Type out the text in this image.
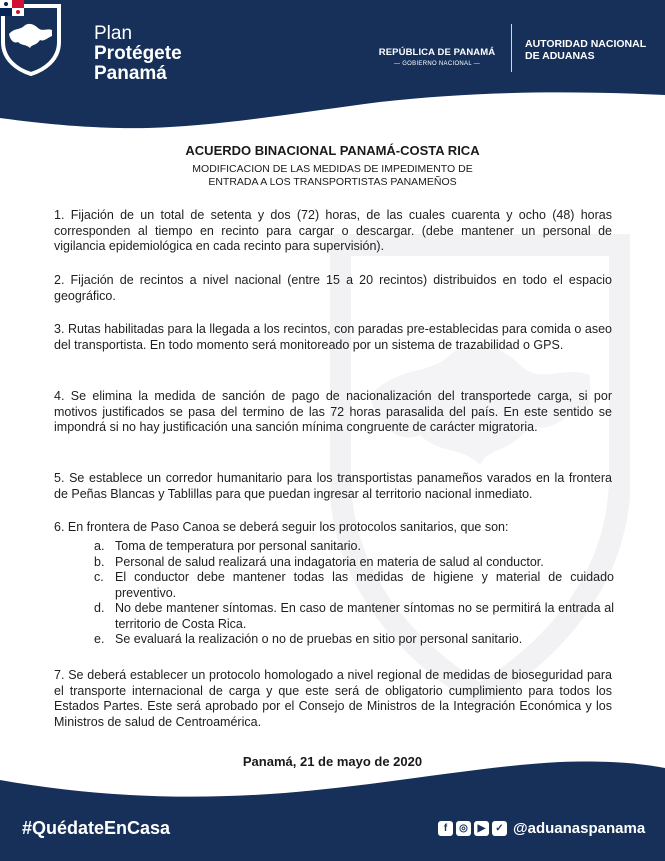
Plan
Protégete
Panamá
REPÚBLICA DE PANAMÁ
— GOBIERNO NACIONAL —
AUTORIDAD NACIONAL
DE ADUANAS
ACUERDO BINACIONAL PANAMÁ-COSTA RICA
MODIFICACION DE LAS MEDIDAS DE IMPEDIMENTO DE
ENTRADA A LOS TRANSPORTISTAS PANAMEÑOS
1. Fijación de un total de setenta y dos (72) horas, de las cuales cuarenta y ocho (48) horas corresponden al tiempo en recinto para cargar o descargar. (debe mantener un personal de vigilancia epidemiológica en cada recinto para supervisión).
2. Fijación de recintos a nivel nacional (entre 15 a 20 recintos) distribuidos en todo el espacio geográfico.
3. Rutas habilitadas para la llegada a los recintos, con paradas pre-establecidas para comida o aseo del transportista. En todo momento será monitoreado por un sistema de trazabilidad o GPS.
4. Se elimina la medida de sanción de pago de nacionalización del transportede carga, si por motivos justificados se pasa del termino de las 72 horas parasalida del país. En este sentido se impondrá si no hay justificación una sanción mínima congruente de carácter migratoria.
5. Se establece un corredor humanitario para los transportistas panameños varados en la frontera de Peñas Blancas y Tablillas para que puedan ingresar al territorio nacional inmediato.
6. En frontera de Paso Canoa se deberá seguir los protocolos sanitarios, que son:
a. Toma de temperatura por personal sanitario.
b. Personal de salud realizará una indagatoria en materia de salud al conductor.
c. El conductor debe mantener todas las medidas de higiene y material de cuidado preventivo.
d. No debe mantener síntomas. En caso de mantener síntomas no se permitirá la entrada al territorio de Costa Rica.
e. Se evaluará la realización o no de pruebas en sitio por personal sanitario.
7. Se deberá establecer un protocolo homologado a nivel regional de medidas de bioseguridad para el transporte internacional de carga y que este será de obligatorio cumplimiento para todos los Estados Partes. Este será aprobado por el Consejo de Ministros de la Integración Económica y los Ministros de salud de Centroamérica.
Panamá, 21 de mayo de 2020
#QuédateEnCasa	f	◎ ▶ ✓ @aduanaspanama
